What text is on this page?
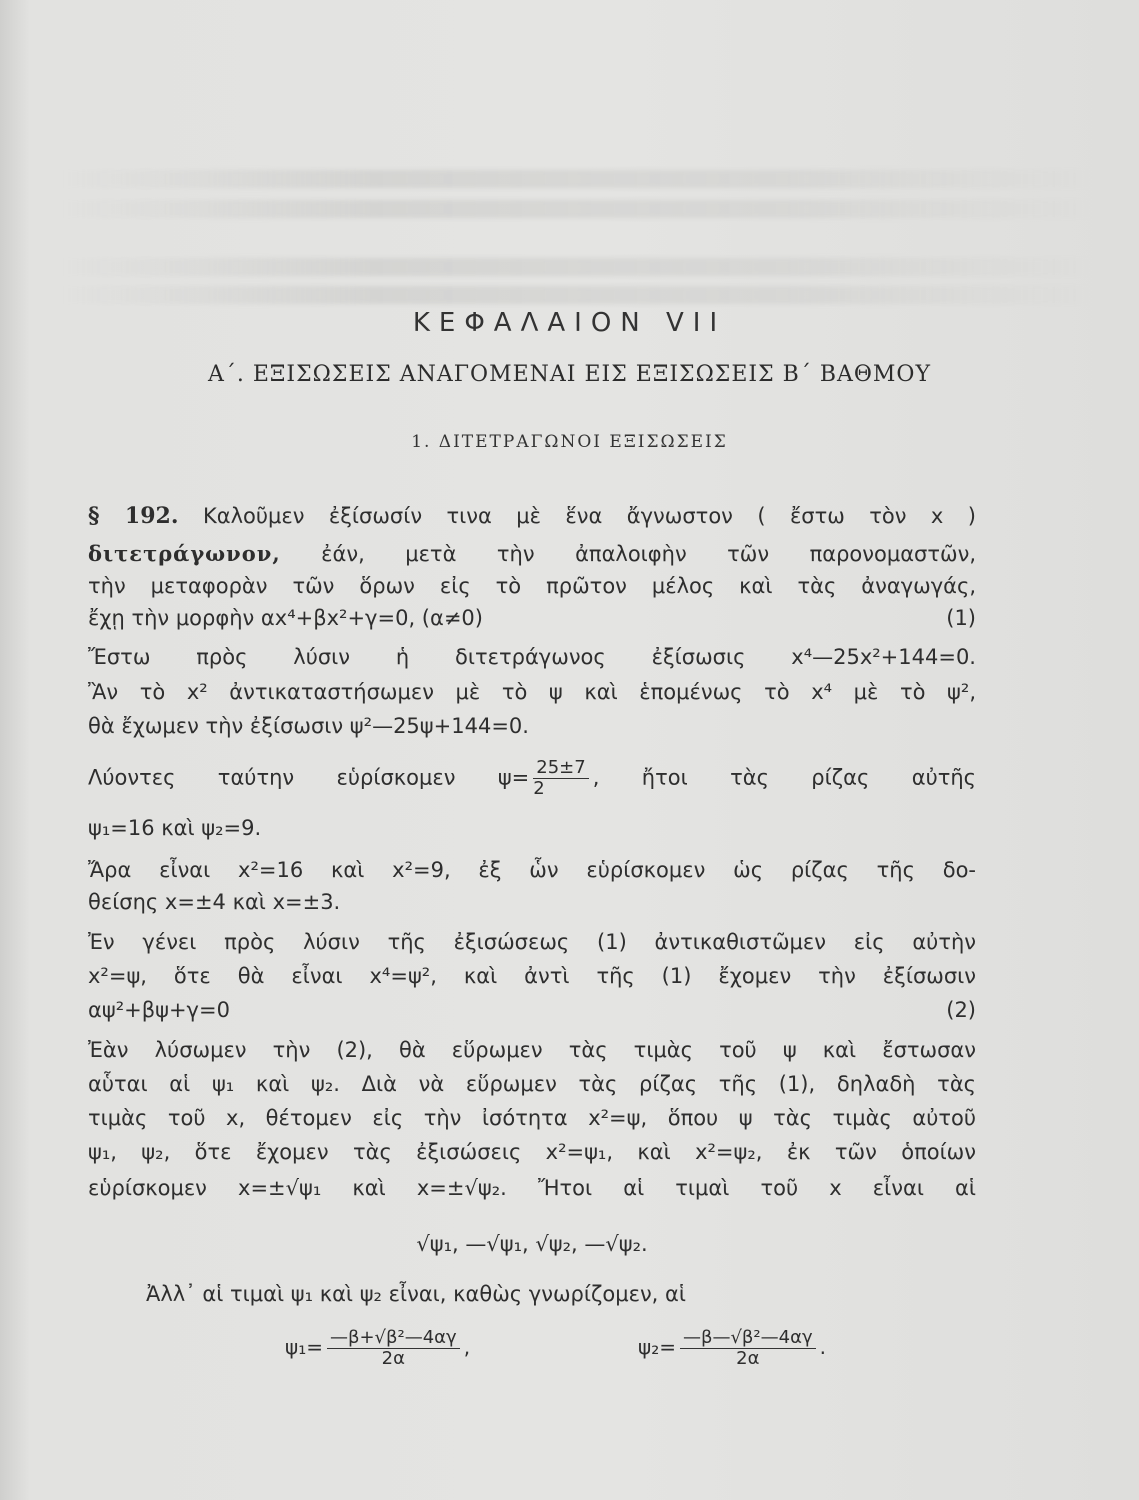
ΚΕΦΑΛΑΙΟΝ VII
Α΄. ΕΞΙΣΩΣΕΙΣ ΑΝΑΓΟΜΕΝΑΙ ΕΙΣ ΕΞΙΣΩΣΕΙΣ Β΄ ΒΑΘΜΟΥ
1. ΔΙΤΕΤΡΑΓΩΝΟΙ ΕΞΙΣΩΣΕΙΣ
§ 192. Καλοῦμεν ἐξίσωσίν τινα μὲ ἕνα ἄγνωστον ( ἔστω τὸν x )
διτετράγωνον, ἐάν, μετὰ τὴν ἀπαλοιφὴν τῶν παρονομαστῶν,
τὴν μεταφορὰν τῶν ὅρων εἰς τὸ πρῶτον μέλος καὶ τὰς ἀναγωγάς,
ἔχῃ τὴν μορφὴν αx⁴+βx²+γ=0, (α≠0)	(1)
Ἔστω πρὸς λύσιν ἡ διτετράγωνος ἐξίσωσις x⁴—25x²+144=0.
Ἂν τὸ x² ἀντικαταστήσωμεν μὲ τὸ ψ καὶ ἑπομένως τὸ x⁴ μὲ τὸ ψ²,
θὰ ἔχωμεν τὴν ἐξίσωσιν ψ²—25ψ+144=0.
Λύοντες ταύτην εὑρίσκομεν $\psi= \frac{25\pm 7}{2}$ , ἤτοι τὰς ρίζας αὐτῆς
ψ₁=16 καὶ ψ₂=9.
Ἄρα εἶναι x²=16 καὶ x²=9, ἐξ ὧν εὑρίσκομεν ὡς ρίζας τῆς δο-
θείσης x=±4 καὶ x=±3.
Ἐν γένει πρὸς λύσιν τῆς ἐξισώσεως (1) ἀντικαθιστῶμεν εἰς αὐτὴν
x²=ψ, ὅτε θὰ εἶναι x⁴=ψ², καὶ ἀντὶ τῆς (1) ἔχομεν τὴν ἐξίσωσιν
αψ²+βψ+γ=0	(2)
Ἐὰν λύσωμεν τὴν (2), θὰ εὕρωμεν τὰς τιμὰς τοῦ ψ καὶ ἔστωσαν
αὗται αἱ ψ₁ καὶ ψ₂. Διὰ νὰ εὕρωμεν τὰς ρίζας τῆς (1), δηλαδὴ τὰς
τιμὰς τοῦ x, θέτομεν εἰς τὴν ἰσότητα x²=ψ, ὅπου ψ τὰς τιμὰς αὐτοῦ
ψ₁, ψ₂, ὅτε ἔχομεν τὰς ἐξισώσεις x²=ψ₁, καὶ x²=ψ₂, ἐκ τῶν ὁποίων
εὑρίσκομεν x=±√ψ₁ καὶ x=±√ψ₂. Ἤτοι αἱ τιμαὶ τοῦ x εἶναι αἱ
√ψ₁, —√ψ₁, √ψ₂, —√ψ₂.
Ἀλλ᾽ αἱ τιμαὶ ψ₁ καὶ ψ₂ εἶναι, καθὼς γνωρίζομεν, αἱ
$\psi_1= \frac{\text{—β+√β²—4αγ}}{2\alpha}$ ,	$\psi_2= \frac{\text{—β—√β²—4αγ}}{2\alpha}$ .
